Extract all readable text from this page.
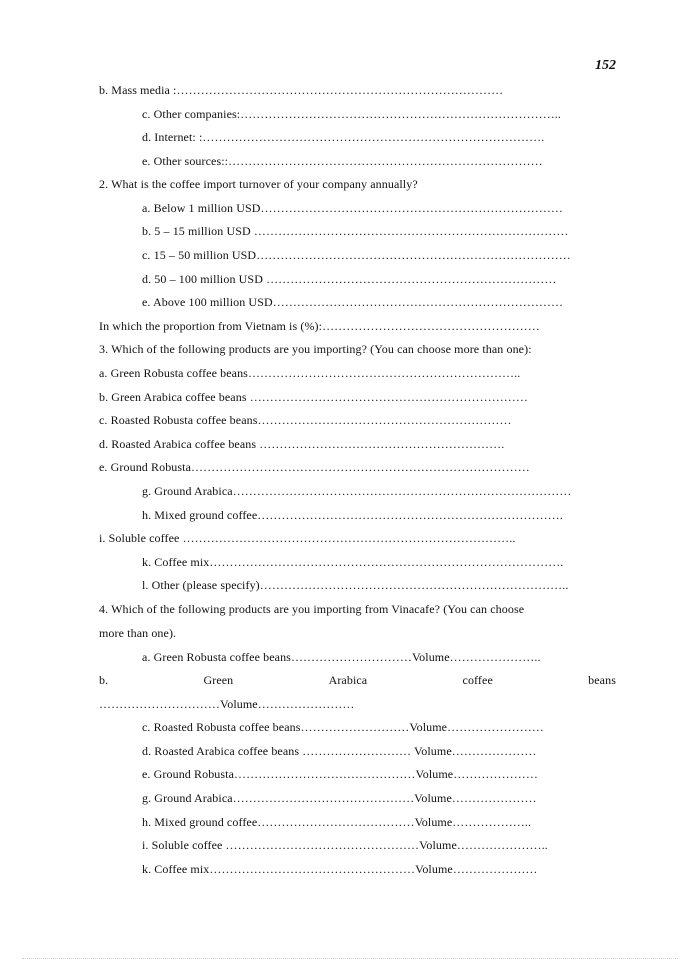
152
b. Mass media :………………………………………………………………………
c. Other companies:……………………………………………………………………..
d. Internet: :………………………………………………………………………….
e. Other sources::……………………………………………………………………
2. What is the coffee import turnover of your company annually?
a. Below 1 million USD…………………………………………………………………
b. 5 – 15 million USD ……………………………………………………………………
c. 15 – 50 million USD……………………………………………………………………
d. 50 – 100 million USD ………………………………………………………………
e. Above 100 million USD………………………………………………………………
In which the proportion from Vietnam is (%):………………………………………………
3. Which of the following products are you importing? (You can choose more than one):
a. Green Robusta coffee beans…………………………………………………………..
b. Green Arabica coffee beans ……………………………………………………………
c. Roasted Robusta coffee beans………………………………………………………
d. Roasted Arabica coffee beans …………………………………………………….
e. Ground Robusta…………………………………………………………………………
g. Ground Arabica…………………………………………………………………………
h. Mixed ground coffee………………………………………………………………….
i. Soluble coffee ………………………………………………………………………..
k. Coffee mix…………………………………………………………………………….
l. Other (please specify)…………………………………………………………………..
4. Which of the following products are you importing from Vinacafe? (You can choose
more than one).
a. Green Robusta coffee beans…………………………Volume…………………..
b.	Green	Arabica	coffee	beans
…………………………Volume……………………
c. Roasted Robusta coffee beans………………………Volume……………………
d. Roasted Arabica coffee beans ……………………… Volume…………………
e. Ground Robusta………………………………………Volume…………………
g. Ground Arabica………………………………………Volume…………………
h. Mixed ground coffee…………………………………Volume………………..
i. Soluble coffee …………………………………………Volume…………………..
k. Coffee mix……………………………………………Volume…………………
